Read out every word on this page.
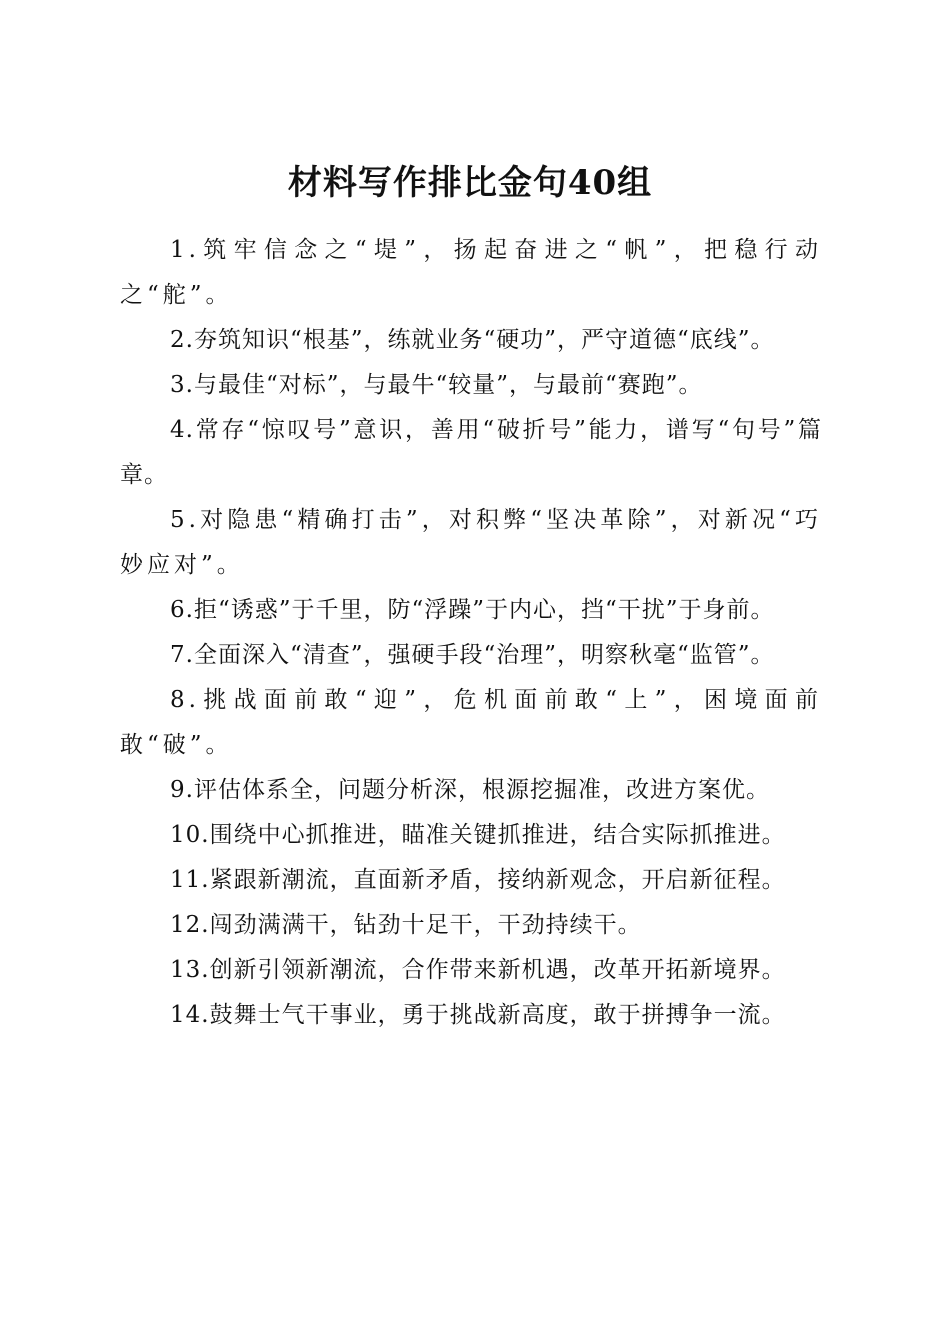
材料写作排比金句40组

1.筑牢信念之“堤”，扬起奋进之“帆”，把稳行动之“舵”。

2.夯筑知识“根基”，练就业务“硬功”，严守道德“底线”。

3.与最佳“对标”，与最牛“较量”，与最前“赛跑”。

4.常存“惊叹号”意识，善用“破折号”能力，谱写“句号”篇章。

5.对隐患“精确打击”，对积弊“坚决革除”，对新况“巧妙应对”。

6.拒“诱惑”于千里，防“浮躁”于内心，挡“干扰”于身前。

7.全面深入“清查”，强硬手段“治理”，明察秋毫“监管”。

8.挑战面前敢“迎”，危机面前敢“上”，困境面前敢“破”。

9.评估体系全，问题分析深，根源挖掘准，改进方案优。

10.围绕中心抓推进，瞄准关键抓推进，结合实际抓推进。

11.紧跟新潮流，直面新矛盾，接纳新观念，开启新征程。

12.闯劲满满干，钻劲十足干，干劲持续干。

13.创新引领新潮流，合作带来新机遇，改革开拓新境界。

14.鼓舞士气干事业，勇于挑战新高度，敢于拼搏争一流。
